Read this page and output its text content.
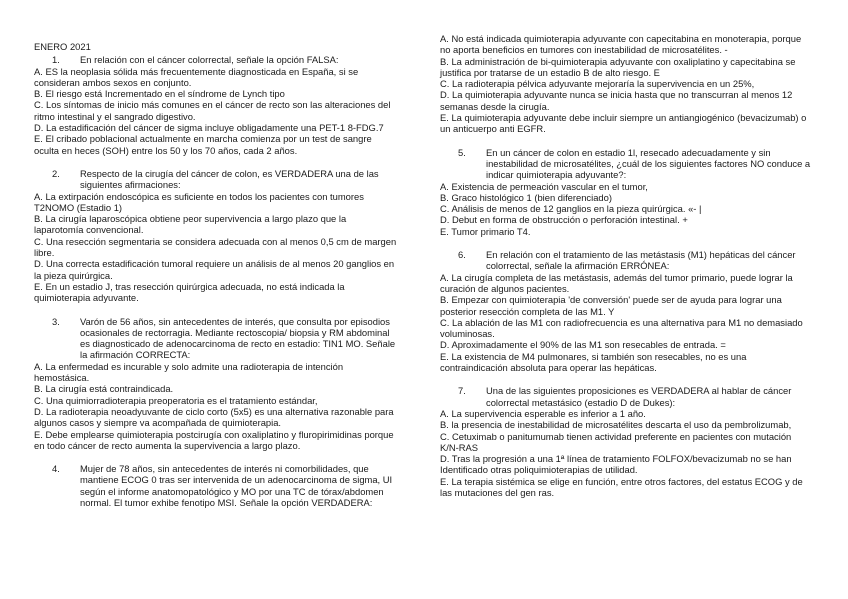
ENERO 2021
1. En relación con el cáncer colorrectal, señale la opción FALSA:
A. ES la neoplasia sólida más frecuentemente diagnosticada en España, si se consideran ambos sexos en conjunto.
B. El riesgo está Incrementado en el síndrome de Lynch tipo
C. Los síntomas de inicio más comunes en el cáncer de recto son las alteraciones del ritmo intestinal y el sangrado digestivo.
D. La estadificación del cáncer de sigma incluye obligadamente una PET-1 8-FDG.7
E. El cribado poblacional actualmente en marcha comienza por un test de sangre oculta en heces (SOH) entre los 50 y los 70 años, cada 2 años.
2. Respecto de la cirugía del cáncer de colon, es VERDADERA una de las siguientes afirmaciones:
A. La extirpación endoscópica es suficiente en todos los pacientes con tumores T2NOMO (Estadio 1)
B. La cirugía laparoscópica obtiene peor supervivencia a largo plazo que la laparotomía convencional.
C. Una resección segmentaria se considera adecuada con al menos 0,5 cm de margen libre.
D. Una correcta estadificación tumoral requiere un análisis de al menos 20 ganglios en la pieza quirúrgica.
E. En un estadio J, tras resección quirúrgica adecuada, no está indicada la quimioterapia adyuvante.
3. Varón de 56 años, sin antecedentes de interés, que consulta por episodios ocasionales de rectorragia. Mediante rectoscopia/ biopsia y RM abdominal es diagnosticado de adenocarcinoma de recto en estadio: TIN1 MO. Señale la afirmación CORRECTA:
A. La enfermedad es incurable y solo admite una radioterapia de intención hemostásica.
B. La cirugía está contraindicada.
C. Una quimiorradioterapia preoperatoria es el tratamiento estándar,
D. La radioterapia neoadyuvante de ciclo corto (5x5) es una alternativa razonable para algunos casos y siempre va acompañada de quimioterapia.
E. Debe emplearse quimioterapia postcirugía con oxaliplatino y fluropirimidinas porque en todo cáncer de recto aumenta la supervivencia a largo plazo.
4. Mujer de 78 años, sin antecedentes de interés ni comorbilidades, que mantiene ECOG 0 tras ser intervenida de un adenocarcinoma de sigma, UI según el informe anatomopatológico y MO por una TC de tórax/abdomen normal. El tumor exhibe fenotipo MSI. Señale la opción VERDADERA:
A. No está indicada quimioterapia adyuvante con capecitabina en monoterapia, porque no aporta beneficios en tumores con inestabilidad de microsatélites. -
B. La administración de bi-quimioterapia adyuvante con oxaliplatino y capecitabina se justifica por tratarse de un estadio B de alto riesgo. E
C. La radioterapia pélvica adyuvante mejoraría la supervivencia en un 25%,
D. La quimioterapia adyuvante nunca se inicia hasta que no transcurran al menos 12 semanas desde la cirugía.
E. La quimioterapia adyuvante debe incluir siempre un antiangiogénico (bevacizumab) o un anticuerpo anti EGFR.
5. En un cáncer de colon en estadio 1l, resecado adecuadamente y sin inestabilidad de microsatélites, ¿cuál de los siguientes factores NO conduce a indicar quimioterapia adyuvante?:
A. Existencia de permeación vascular en el tumor,
B. Graco histológico 1 (bien diferenciado)
C. Análisis de menos de 12 ganglios en la pieza quirúrgica. «- |
D. Debut en forma de obstrucción o perforación intestinal. +
E. Tumor primario T4.
6. En relación con el tratamiento de las metástasis (M1) hepáticas del cáncer colorrectal, señale la afirmación ERRÓNEA:
A. La cirugía completa de las metástasis, además del tumor primario, puede lograr la curación de algunos pacientes.
B. Empezar con quimioterapia 'de conversión' puede ser de ayuda para lograr una posterior resección completa de las M1. Y
C. La ablación de las M1 con radiofrecuencia es una alternativa para M1 no demasiado voluminosas.
D. Aproximadamente el 90% de las M1 son resecables de entrada. =
E. La existencia de M4 pulmonares, si también son resecables, no es una contraindicación absoluta para operar las hepáticas.
7. Una de las siguientes proposiciones es VERDADERA al hablar de cáncer colorrectal metastásico (estadio D de Dukes):
A. La supervivencia esperable es inferior a 1 año.
B. la presencia de inestabilidad de microsatélites descarta el uso da pembrolizumab,
C. Cetuximab o panitumumab tienen actividad preferente en pacientes con mutación K/N-RAS
D. Tras la progresión a una 1ª línea de tratamiento FOLFOX/bevacizumab no se han Identificado otras poliquimioterapias de utilidad.
E. La terapia sistémica se elige en función, entre otros factores, del estatus ECOG y de las mutaciones del gen ras.
